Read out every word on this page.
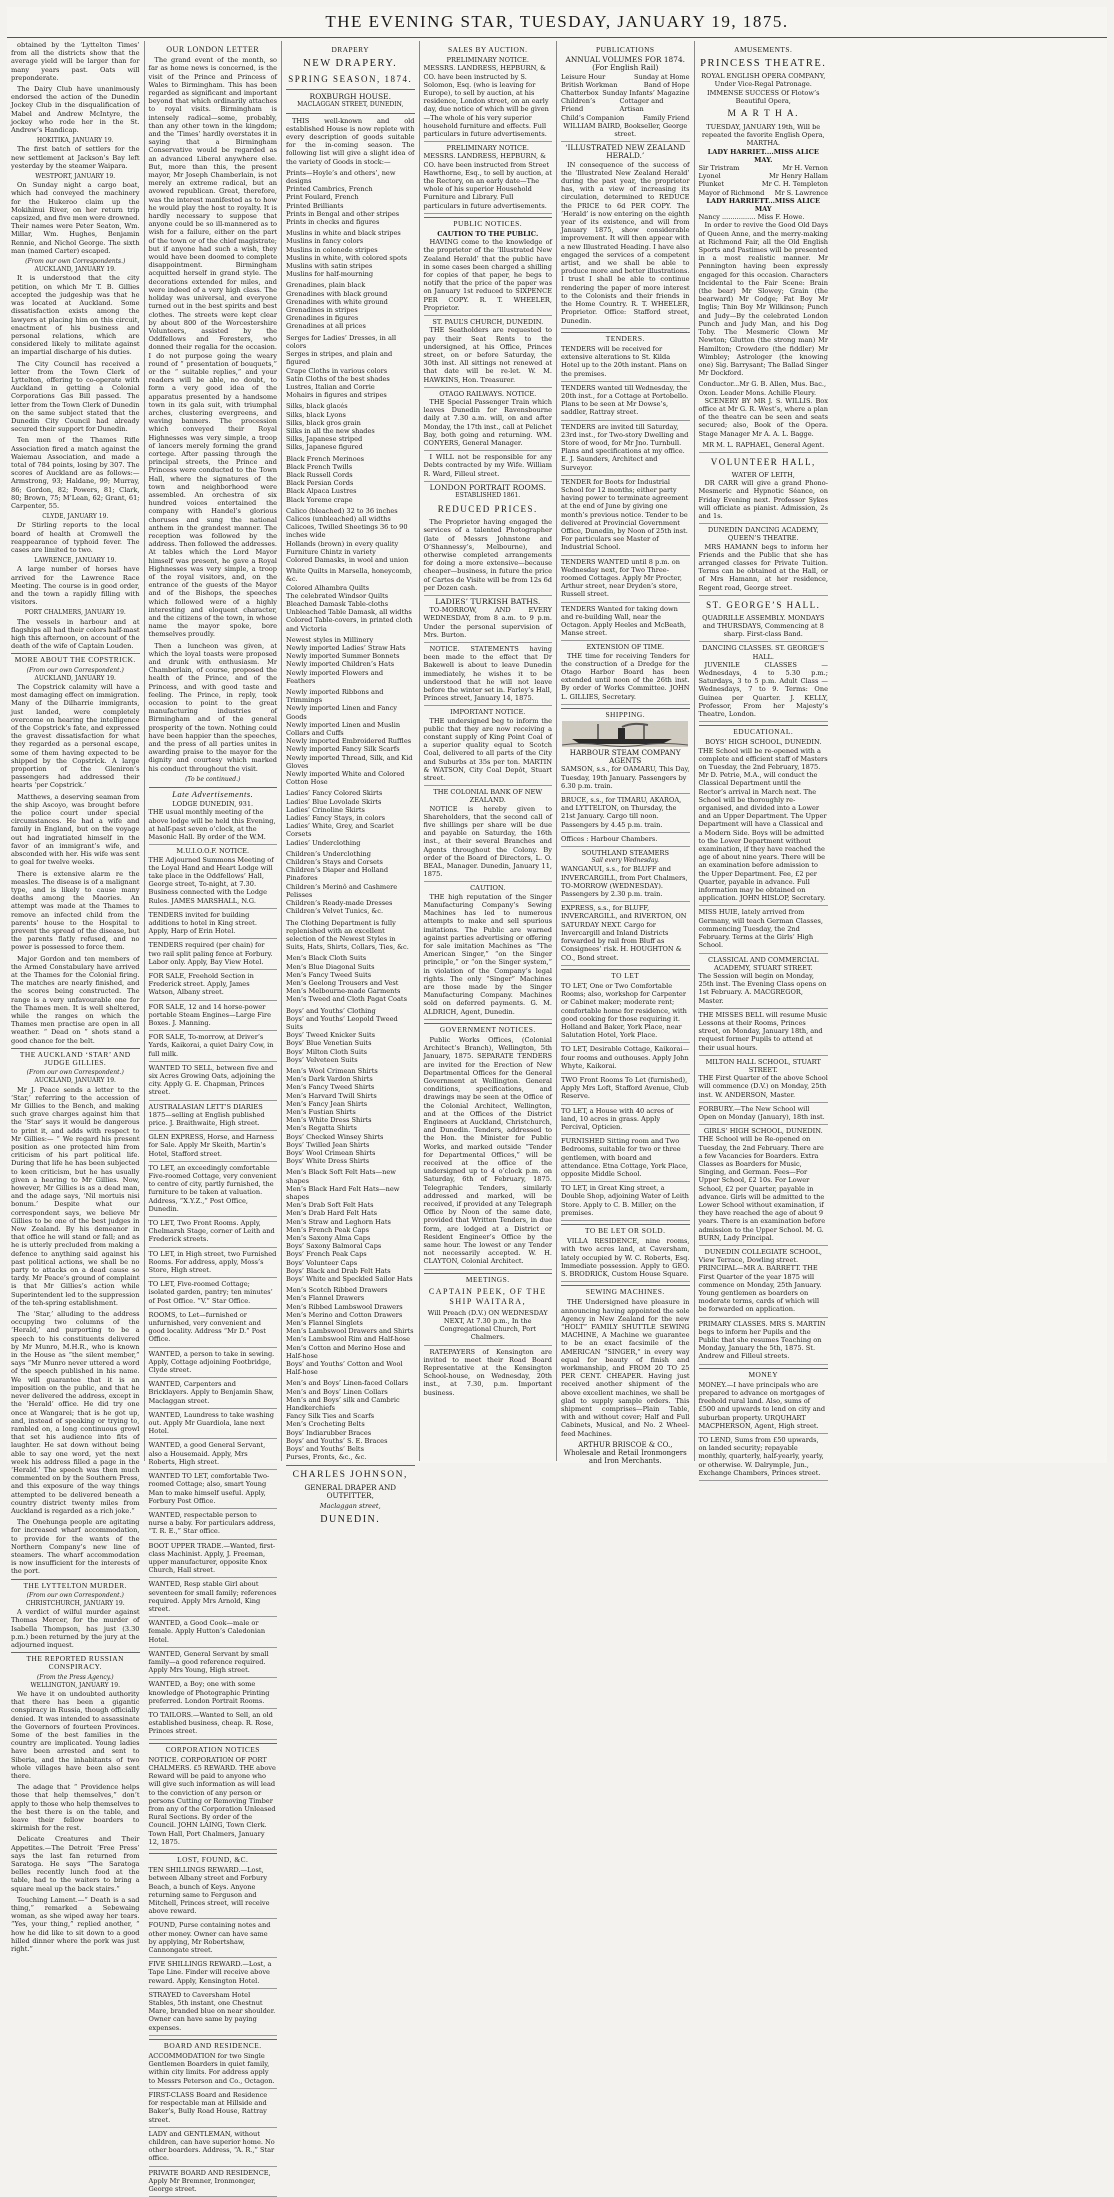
THE EVENING STAR, TUESDAY, JANUARY 19, 1875.

obtained by the ‘Lyttelton Times’ from all the districts show that the average yield will be larger than for many years past. Oats will preponderate.

The Dairy Club have unanimously endorsed the action of the Dunedin Jockey Club in the disqualification of Mabel and Andrew McIntyre, the jockey who rode her in the St. Andrew’s Handicap.

HOKITIKA, JANUARY 19.

The first batch of settlers for the new settlement at Jackson’s Bay left yesterday by the steamer Waipara.

WESTPORT, JANUARY 19.

On Sunday night a cargo boat, which had conveyed the machinery for the Hukeroo claim up the Mokihinui River, on her return trip capsized, and five men were drowned. Their names were Peter Seaton, Wm. Millar, Wm. Hughes, Benjamin Rennie, and Nichol George. The sixth man (named Carter) escaped.

(From our own Correspondents.)
AUCKLAND, JANUARY 19.

It is understood that the city petition, on which Mr T. B. Gillies accepted the judgeship was that he was located at Auckland. Some dissatisfaction exists among the lawyers at placing him on this circuit, enactment of his business and personal relations, which are considered likely to militate against an impartial discharge of his duties.

The City Council has received a letter from the Town Clerk of Lyttelton, offering to co-operate with Auckland in getting a Colonial Corporations Gas Bill passed. The letter from the Town Clerk of Dunedin on the same subject stated that the Dunedin City Council had already secured their support for Dunedin.

Ten men of the Thames Rifle Association fired a match against the Waiemau Association, and made a total of 784 points, losing by 307. The scores of Auckland are as follows:—Armstrong, 93; Haldane, 99; Murray, 86; Gordon, 82; Powers, 81; Clark, 80; Brown, 75; M’Lean, 62; Grant, 61; Carpenter, 55.

CLYDE, JANUARY 19.

Dr Stirling reports to the local board of health at Cromwell the reappearance of typhoid fever. The cases are limited to two.

LAWRENCE, JANUARY 19.

A large number of horses have arrived for the Lawrence Race Meeting. The course is in good order, and the town a rapidly filling with visitors.

PORT CHALMERS, JANUARY 19.

The vessels in harbour and at flagships all had their colors half-mast high this afternoon, on account of the death of the wife of Captain Louden.

MORE ABOUT THE COPSTRICK.
(From our own Correspondent.)
AUCKLAND, JANUARY 19.

The Copstrick calamity will have a most damaging effect on immigration. Many of the Dilharrie immigrants, just landed, were completely overcome on hearing the intelligence of the Copstrick’s fate, and expressed the gravest dissatisfaction for what they regarded as a personal escape, some of them having expected to be shipped by the Copstrick. A large proportion of the Gleniron’s passengers had addressed their hearts ‘per Copstrick.’

Matthews, a deserving seaman from the ship Ascoyo, was brought before the police court under special circumstances. He had a wife and family in England, but on the voyage out had ingratiated himself in the favor of an immigrant’s wife, and absconded with her. His wife was sent to goal for twelve weeks.

There is extensive alarm re the measles. The disease is of a malignant type, and is likely to cause many deaths among the Maories. An attempt was made at the Thames to remove an infected child from the parents’ house to the Hospital to prevent the spread of the disease, but the parents flatly refused, and no power is possessed to force them.

Major Gordon and ten members of the Armed Constabulary have arrived at the Thames for the Colonial firing. The matches are nearly finished, and the scores being constructed. The range is a very unfavourable one for the Thames men. It is well sheltered, while the ranges on which the Thames men practise are open in all weather. “ Dead on ” shots stand a good chance for the belt.

THE AUCKLAND ‘STAR’ AND JUDGE GILLIES.
(From our own Correspondent.)
AUCKLAND, JANUARY 19.

Mr J. Peace sends a letter to the ‘Star,’ referring to the accession of Mr Gillies to the Bench, and making such grave charges against him that the ‘Star’ says it would be dangerous to print it, and adds with respect to Mr Gillies:— “ We regard his present position as one protected him from criticism of his part political life. During that life he has been subjected to keen criticism, but he has usually given a hearing to Mr Gillies. Now, however, Mr Gillies is as a dead man, and the adage says, ‘Nil mortuis nisi bonum.’ Despite what our correspondent says, we believe Mr Gillies to be one of the best judges in New Zealand. By his demeanor in that office he will stand or fall; and as he is utterly precluded from making a defence to anything said against his past political actions, we shall be no party to attacks on a dead cause so tardy. Mr Peace’s ground of complaint is that Mr Gillies’s action while Superintendent led to the suppression of the teh-spring establishment.

The ‘Star,’ alluding to the address occupying two columns of the ‘Herald,’ and purporting to be a speech to his constituents delivered by Mr Munro, M.H.R., who is known in the House as “the silent member,” says “Mr Munro never uttered a word of the speech published in his name. We will guarantee that it is an imposition on the public, and that he never delivered the address, except in the ‘Herald’ office. He did try one once at Wangarei; that is he got up, and, instead of speaking or trying to, rambled on, a long continuous growl that set his audience into fits of laughter. He sat down without being able to say one word, yet the next week his address filled a page in the ‘Herald.’ The speech was then much commented on by the Southern Press, and this exposure of the way things attempted to be delivered beneath a country district twenty miles from Auckland is regarded as a rich joke.”

The Onehunga people are agitating for increased wharf accommodation, to provide for the wants of the Northern Company’s new line of steamers. The wharf accommodation is now insufficient for the interests of the port.

THE LYTTELTON MURDER.
(From our own Correspondent.)
CHRISTCHURCH, JANUARY 19.

A verdict of wilful murder against Thomas Mercer, for the murder of Isabella Thompson, has just (3.30 p.m.) been returned by the jury at the adjourned inquest.

THE REPORTED RUSSIAN CONSPIRACY.
(From the Press Agency.)
WELLINGTON, JANUARY 19.

We have it on undoubted authority that there has been a gigantic conspiracy in Russia, though officially denied. It was intended to assassinate the Governors of fourteen Provinces. Some of the best families in the country are implicated. Young ladies have been arrested and sent to Siberia, and the inhabitants of two whole villages have been also sent there.

The adage that “ Providence helps those that help themselves,” don’t apply to those who help themselves to the best there is on the table, and leave their fellow boarders to skirmish for the rest.

Delicate Creatures and Their Appetites.—The Detroit ‘Free Press’ says the last fan returned from Saratoga. He says “The Saratoga belles recently lunch food at the table, had to the waiters to bring a square meal up the back stairs.”

Touching Lament.—“ Death is a sad thing,” remarked a Sebewaing woman, as she wiped away her tears. “Yes, your thing,” replied another, “ how he did like to sit down to a good hilled dinner where the pork was just right.”

OUR LONDON LETTER

The grand event of the month, so far as home news is concerned, is the visit of the Prince and Princess of Wales to Birmingham. This has been regarded as significant and important beyond that which ordinarily attaches to royal visits. Birmingham is intensely radical—some, probably, than any other town in the kingdom; and the ‘Times’ hardly overstates it in saying that a Birmingham Conservative would be regarded as an advanced Liberal anywhere else. But, more than this, the present mayor, Mr Joseph Chamberlain, is not merely an extreme radical, but an avowed republican. Great, therefore, was the interest manifested as to how he would play the host to royalty. It is hardly necessary to suppose that anyone could be so ill-mannered as to wish for a failure, either on the part of the town or of the chief magistrate; but if anyone had such a wish, they would have been doomed to complete disappointment. Birmingham acquitted herself in grand style. The decorations extended for miles, and were indeed of a very high class. The holiday was universal, and everyone turned out in the best spirits and best clothes. The streets were kept clear by about 800 of the Worcestershire Volunteers, assisted by the Oddfellows and Foresters, who donned their regalia for the occasion. I do not purpose going the weary round of “ presentation of bouquets,” or the “ suitable replies,” and your readers will be able, no doubt, to form a very good idea of the apparatus presented by a handsome town in its gala suit, with triumphal arches, clustering evergreens, and waving banners. The procession which conveyed their Royal Highnesses was very simple, a troop of lancers merely forming the grand cortege. After passing through the principal streets, the Prince and Princess were conducted to the Town Hall, where the signatures of the town and neighborhood were assembled. An orchestra of six hundred voices entertained the company with Handel’s glorious choruses and sung the national anthem in the grandest manner. The reception was followed by the address. Then followed the addresses. At tables which the Lord Mayor himself was present, he gave a Royal Highnesses was very simple, a troop of the royal visitors, and, on the entrance of the guests of the Mayor and of the Bishops, the speeches which followed were of a highly interesting and eloquent character, and the citizens of the town, in whose name the mayor spoke, bore themselves proudly.

Then a luncheon was given, at which the loyal toasts were proposed and drunk with enthusiasm. Mr Chamberlain, of course, proposed the health of the Prince, and of the Princess, and with good taste and feeling. The Prince, in reply, took occasion to point to the great manufacturing industries of Birmingham and of the general prosperity of the town. Nothing could have been happier than the speeches, and the press of all parties unites in awarding praise to the mayor for the dignity and courtesy which marked his conduct throughout the visit.

(To be continued.)
Late Advertisements.
LODGE DUNEDIN, 931.
THE usual monthly meeting of the above lodge will be held this Evening, at half-past seven o’clock, at the Masonic Hall. By order of the W.M.
M.U.I.O.O.F. NOTICE.
THE Adjourned Summons Meeting of the Loyal Hand and Heart Lodge will take place in the Oddfellows’ Hall, George street, To-night, at 7.30. Business connected with the Lodge Rules. JAMES MARSHALL, N.G.
TENDERS invited for building additions to hotel in King street. Apply, Harp of Erin Hotel.
TENDERS required (per chain) for two rail split paling fence at Forbury. Labor only. Apply, Bay View Hotel.
FOR SALE, Freehold Section in Frederick street. Apply, James Watson, Albany street.
FOR SALE, 12 and 14 horse-power portable Steam Engines—Large Fire Boxes. J. Manning.
FOR SALE, To-morrow, at Driver’s Yards, Kaikorai, a quiet Dairy Cow, in full milk.
WANTED TO SELL, between five and six Acres Growing Oats, adjoining the city. Apply G. E. Chapman, Princes street.
AUSTRALASIAN LETT’S DIARIES 1875—selling at English published price. J. Braithwaite, High street.
GLEN EXPRESS, Horse, and Harness for Sale. Apply Mr Skeith, Martin’s Hotel, Stafford street.
TO LET, an exceedingly comfortable Five-roomed Cottage, very convenient to centre of city, partly furnished, the furniture to be taken at valuation. Address, “X.Y.Z.,” Post Office, Dunedin.
TO LET, Two Front Rooms. Apply, Chelmarsh Stage, corner of Leith and Frederick streets.
TO LET, in High street, two Furnished Rooms. For address, apply, Moss’s Store, High street.
TO LET, Five-roomed Cottage; isolated garden, pantry; ten minutes’ of Post Office. “V.” Star Office.
ROOMS, to Let—furnished or unfurnished, very convenient and good locality. Address “Mr D.” Post Office.
WANTED, a person to take in sewing. Apply, Cottage adjoining Footbridge, Clyde street.
WANTED, Carpenters and Bricklayers. Apply to Benjamin Shaw, Maclaggan street.
WANTED, Laundress to take washing out. Apply Mr Guardiola, lane next Hotel.
WANTED, a good General Servant, also a Housemaid. Apply, Mrs Roberts, High street.
WANTED TO LET, comfortable Two-roomed Cottage; also, smart Young Man to make himself useful. Apply, Forbury Post Office.
WANTED, respectable person to nurse a baby. For particulars address, “T. R. E.,” Star office.
BOOT UPPER TRADE.—Wanted, first-class Machinist. Apply, J. Freeman, upper manufacturer, opposite Knox Church, Hall street.
WANTED, Resp stable Girl about seventeen for small family; references required. Apply Mrs Arnold, King street.
WANTED, a Good Cook—male or female. Apply Hutton’s Caledonian Hotel.
WANTED, General Servant by small family—a good reference required. Apply Mrs Young, High street.
WANTED, a Boy; one with some knowledge of Photographic Printing preferred. London Portrait Rooms.
TO TAILORS.—Wanted to Sell, an old established business, cheap. R. Rose, Princes street.
CORPORATION NOTICES
NOTICE. CORPORATION OF PORT CHALMERS. £5 REWARD. THE above Reward will be paid to anyone who will give such information as will lead to the conviction of any person or persons Cutting or Removing Timber from any of the Corporation Unleased Rural Sections. By order of the Council. JOHN LAING, Town Clerk. Town Hall, Port Chalmers, January 12, 1875.
LOST, FOUND, &C.
TEN SHILLINGS REWARD.—Lost, between Albany street and Forbury Beach, a bunch of Keys. Anyone returning same to Ferguson and Mitchell, Princes street, will receive above reward.
FOUND, Purse containing notes and other money. Owner can have same by applying, Mr Robertshaw, Cannongate street.
FIVE SHILLINGS REWARD.—Lost, a Tape Line. Finder will receive above reward. Apply, Kensington Hotel.
STRAYED to Caversham Hotel Stables, 5th instant, one Chestnut Mare, branded blue on near shoulder. Owner can have same by paying expenses.
BOARD AND RESIDENCE.
ACCOMMODATION for two Single Gentlemen Boarders in quiet family, within city limits. For address apply to Messrs Peterson and Co., Octagon.
FIRST-CLASS Board and Residence for respectable man at Hillside and Baker’s, Bully Road House, Rattray street.
LADY and GENTLEMAN, without children, can have superior home. No other boarders. Address, “A. R.,” Star office.
PRIVATE BOARD AND RESIDENCE, Apply Mr Bremner, Ironmonger, George street.
DRAPERY
NEW DRAPERY.
SPRING SEASON, 1874.
ROXBURGH HOUSE.
MACLAGGAN STREET, DUNEDIN,

THIS well-known and old established House is now replete with every description of goods suitable for the in-coming season. The following list will give a slight idea of the variety of Goods in stock:—

Prints—Hoyle’s and others’, new designs
Printed Cambrics, French
Print Foulard, French
Printed Brilliants
Prints in Bengal and other stripes
Prints in checks and figures
Muslins in white and black stripes
Muslins in fancy colors
Muslins in colonede stripes
Muslins in white, with colored spots
Muslins with satin stripes
Muslins for half-mourning
Grenadines, plain black
Grenadines with black ground
Grenadines with white ground
Grenadines in stripes
Grenadines in figures
Grenadines at all prices
Serges for Ladies’ Dresses, in all colors
Serges in stripes, and plain and figured
Crape Cloths in various colors
Satin Cloths of the best shades
Lustres, Italian and Corrie
Mohairs in figures and stripes
Silks, black glacés
Silks, black Lyons
Silks, black gros grain
Silks in all the new shades
Silks, Japanese striped
Silks, Japanese figured
Black French Merinoes
Black French Twills
Black Russell Cords
Black Persian Cords
Black Alpaca Lustres
Black Yoreme crape
Calico (bleached) 32 to 36 inches
Calicos (unbleached) all widths
Calicoes, Twilled Sheetings 36 to 90 inches wide
Hollands (brown) in every quality
Furniture Chintz in variety
Colored Damasks, in wool and union
White Quilts in Marsella, honeycomb, &c.
Colored Alhambra Quilts
The celebrated Windsor Quilts
Bleached Damask Table-cloths
Unbleached Table Damask, all widths
Colored Table-covers, in printed cloth and Victoria
Newest styles in Millinery
Newly imported Ladies’ Straw Hats
Newly imported Summer Bonnets
Newly imported Children’s Hats
Newly imported Flowers and Feathers
Newly imported Ribbons and Trimmings
Newly imported Linen and Fancy Goods
Newly imported Linen and Muslin Collars and Cuffs
Newly imported Embroidered Ruffles
Newly imported Fancy Silk Scarfs
Newly imported Thread, Silk, and Kid Gloves
Newly imported White and Colored Cotton Hose
Ladies’ Fancy Colored Skirts
Ladies’ Blue Lovolade Skirts
Ladies’ Crinoline Skirts
Ladies’ Fancy Stays, in colors
Ladies’ White, Grey, and Scarlet Corsets
Ladies’ Underclothing
Children’s Underclothing
Children’s Stays and Corsets
Children’s Diaper and Holland Pinafores
Children’s Merinô and Cashmere Pelisses
Children’s Ready-made Dresses
Children’s Velvet Tunics, &c.
The Clothing Department is fully replenished with an excellent selection of the Newest Styles in Suits, Hats, Shirts, Collars, Ties, &c.
Men’s Black Cloth Suits
Men’s Blue Diagonal Suits
Men’s Fancy Tweed Suits
Men’s Geelong Trousers and Vest
Men’s Melbourne-made Garments
Men’s Tweed and Cloth Pagat Coats
Boys’ and Youths’ Clothing
Boys’ and Youths’ Leopold Tweed Suits
Boys’ Tweed Knicker Suits
Boys’ Blue Venetian Suits
Boys’ Milton Cloth Suits
Boys’ Velveteen Suits
Men’s Wool Crimean Shirts
Men’s Dark Vardon Shirts
Men’s Fancy Tweed Shirts
Men’s Harvard Twill Shirts
Men’s Fancy Jean Shirts
Men’s Fustian Shirts
Men’s White Dress Shirts
Men’s Regatta Shirts
Boys’ Checked Winsey Shirts
Boys’ Twilled Jean Shirts
Boys’ Wool Crimean Shirts
Boys’ White Dress Shirts
Men’s Black Soft Felt Hats—new shapes
Men’s Black Hard Felt Hats—new shapes
Men’s Drab Soft Felt Hats
Men’s Drab Hard Felt Hats
Men’s Straw and Leghorn Hats
Men’s French Peak Caps
Men’s Saxony Alma Caps
Boys’ Saxony Balmoral Caps
Boys’ French Peak Caps
Boys’ Volunteer Caps
Boys’ Black and Drab Felt Hats
Boys’ White and Speckled Sailor Hats
Men’s Scotch Ribbed Drawers
Men’s Flannel Drawers
Men’s Ribbed Lambswool Drawers
Men’s Merino and Cotton Drawers
Men’s Flannel Singlets
Men’s Lambswool Drawers and Shirts
Men’s Lambswool Rim and Half-hose
Men’s Cotton and Merino Hose and Half-hose
Boys’ and Youths’ Cotton and Wool Half-hose
Men’s and Boys’ Linen-faced Collars
Men’s and Boys’ Linen Collars
Men’s and Boys’ silk and Cambric Handkerchiefs
Fancy Silk Ties and Scarfs
Men’s Crocheting Belts
Boys’ Indiarubber Braces
Boys’ and Youths’ S. E. Braces
Boys’ and Youths’ Belts
Purses, Fronts, &c., &c.
CHARLES JOHNSON,
GENERAL DRAPER AND OUTFITTER,
Maclaggan street,
DUNEDIN.
SALES BY AUCTION.
PRELIMINARY NOTICE.
MESSRS. LANDRESS, HEPBURN, & CO. have been instructed by S. Solomon, Esq. (who is leaving for Europe), to sell by auction, at his residence, London street, on an early day, due notice of which will be given—The whole of his very superior household furniture and effects. Full particulars in future advertisements.
PRELIMINARY NOTICE.
MESSRS. LANDRESS, HEPBURN, & CO. have been instructed from Street Hawthorne, Esq., to sell by auction, at the Rectory, on an early date—The whole of his superior Household Furniture and Library. Full particulars in future advertisements.
PUBLIC NOTICES.
CAUTION TO THE PUBLIC.

HAVING come to the knowledge of the proprietor of the ‘Illustrated New Zealand Herald’ that the public have in some cases been charged a shilling for copies of that paper, he begs to notify that the price of the paper was on January 1st reduced to SIXPENCE PER COPY. R. T. WHEELER, Proprietor.

ST. PAUL’S CHURCH, DUNEDIN.

THE Seatholders are requested to pay their Seat Rents to the undersigned, at his Office, Princes street, on or before Saturday, the 30th inst. All sittings not renewed at that date will be re-let. W. M. HAWKINS, Hon. Treasurer.

OTAGO RAILWAYS. NOTICE.

THE Special Passenger Train which leaves Dunedin for Ravensbourne daily at 7.30 a.m. will, on and after Monday, the 17th inst., call at Pelichet Bay, both going and returning. WM. CONYERS, General Manager.

I WILL not be responsible for any Debts contracted by my Wife. William R. Ward, Filleul street.

LONDON PORTRAIT ROOMS.
ESTABLISHED 1861.
REDUCED PRICES.

The Proprietor having engaged the services of a talented Photographer (late of Messrs Johnstone and O’Shannessy’s, Melbourne), and otherwise completed arrangements for doing a more extensive—because cheaper—business, in future the price of Cartes de Visite will be from 12s 6d per Dozen cash.

LADIES’ TURKISH BATHS.

TO-MORROW, AND EVERY WEDNESDAY, from 8 a.m. to 9 p.m. Under the personal supervision of Mrs. Burton.

NOTICE. STATEMENTS having been made to the effect that Dr Bakewell is about to leave Dunedin immediately, he wishes it to be understood that he will not leave before the winter set in. Farley’s Hall, Princes street, January 14, 1875.

IMPORTANT NOTICE.

THE undersigned beg to inform the public that they are now receiving a constant supply of King Point Coal of a superior quality equal to Scotch Coal, delivered to all parts of the City and Suburbs at 35s per ton. MARTIN & WATSON, City Coal Depôt, Stuart street.

THE COLONIAL BANK OF NEW ZEALAND.

NOTICE is hereby given to Shareholders, that the second call of five shillings per share will be due and payable on Saturday, the 16th inst., at their several Branches and Agents throughout the Colony. By order of the Board of Directors, L. O. BEAL, Manager. Dunedin, January 11, 1875.

CAUTION.

THE high reputation of the Singer Manufacturing Company’s Sewing Machines has led to numerous attempts to make and sell spurious imitations. The Public are warned against parties advertising or offering for sale imitation Machines as “The American Singer,” “on the Singer principle,” or “on the Singer system,” in violation of the Company’s legal rights. The only “Singer” Machines are those made by the Singer Manufacturing Company. Machines sold on deferred payments. G. M. ALDRICH, Agent, Dunedin.

GOVERNMENT NOTICES.

Public Works Offices, (Colonial Architect’s Branch), Wellington, 5th January, 1875. SEPARATE TENDERS are invited for the Erection of New Departmental Offices for the General Government at Wellington. General conditions, specifications, and drawings may be seen at the Office of the Colonial Architect, Wellington, and at the Offices of the District Engineers at Auckland, Christchurch, and Dunedin. Tenders, addressed to the Hon. the Minister for Public Works, and marked outside “Tender for Departmental Offices,” will be received at the office of the undersigned up to 4 o’clock p.m. on Saturday, 6th of February, 1875. Telegraphic Tenders, similarly addressed and marked, will be received, if provided at any Telegraph Office by Noon of the same date, provided that Written Tenders, in due form, are lodged at a District or Resident Engineer’s Office by the same hour. The lowest or any Tender not necessarily accepted. W. H. CLAYTON, Colonial Architect.

MEETINGS.
CAPTAIN PEEK, OF THE SHIP WAITARA,
Will Preach (D.V.) ON WEDNESDAY NEXT, At 7.30 p.m., In the Congregational Church, Port Chalmers.

RATEPAYERS of Kensington are invited to meet their Road Board Representative at the Kensington School-house, on Wednesday, 20th inst., at 7.30, p.m. Important business.

PUBLICATIONS
ANNUAL VOLUMES FOR 1874. (For English Rail)
Leisure Hour	Sunday at Home
British Workman	Band of Hope
Chatterbox Sunday Infants’ Magazine
Children’s Friend
Cottager and Artisan
Child’s Companion	Family Friend
WILLIAM BAIRD, Bookseller, George street.
‘ILLUSTRATED NEW ZEALAND HERALD.’

IN consequence of the success of the ‘Illustrated New Zealand Herald’ during the past year, the proprietor has, with a view of increasing its circulation, determined to REDUCE the PRICE to 6d PER COPY. The ‘Herald’ is now entering on the eighth year of its existence, and will from January 1875, show considerable improvement. It will then appear with a new Illustrated Heading. I have also engaged the services of a competent artist, and we shall be able to produce more and better illustrations. I trust I shall be able to continue rendering the paper of more interest to the Colonists and their friends in the Home Country. R. T. WHEELER, Proprietor. Office: Stafford street, Dunedin.

TENDERS.
TENDERS will be received for extensive alterations to St. Kilda Hotel up to the 20th instant. Plans on the premises.
TENDERS wanted till Wednesday, the 20th inst., for a Cottage at Portobello. Plans to be seen at Mr Dowse’s, saddler, Rattray street.
TENDERS are invited till Saturday, 23rd inst., for Two-story Dwelling and Store of wood, for Mr Jno. Turnbull. Plans and specifications at my office. E. J. Saunders, Architect and Surveyor.
TENDER for Boots for Industrial School for 12 months; either party having power to terminate agreement at the end of June by giving one month’s previous notice. Tender to be delivered at Provincial Government Office, Dunedin, by Noon of 25th inst. For particulars see Master of Industrial School.
TENDERS WANTED until 8 p.m. on Wednesday next, for Two Three-roomed Cottages. Apply Mr Procter, Arthur street, near Dryden’s store, Russell street.
TENDERS Wanted for taking down and re-building Wall, near the Octagon. Apply Heeles and McBeath, Manse street.
EXTENSION OF TIME.

THE time for receiving Tenders for the construction of a Dredge for the Otago Harbor Board has been extended until noon of the 26th inst. By order of Works Committee. JOHN L. GILLIES, Secretary.

SHIPPING.
HARBOUR STEAM COMPANY AGENTS
SAMSON, s.s., for OAMARU, This Day, Tuesday, 19th January. Passengers by 6.30 p.m. train.
BRUCE, s.s., for TIMARU, AKAROA, and LYTTELTON, on Thursday, the 21st January. Cargo till noon. Passengers by 4.45 p.m. train.
Offices : Harbour Chambers.
SOUTHLAND STEAMERS
Sail every Wednesday.
WANGANUI, s.s., for BLUFF and INVERCARGILL, from Port Chalmers, TO-MORROW (WEDNESDAY). Passengers by 2.30 p.m. train.
EXPRESS, s.s., for BLUFF, INVERCARGILL, and RIVERTON, ON SATURDAY NEXT. Cargo for Invercargill and Inland Districts forwarded by rail from Bluff as Consignees’ risk. H. HOUGHTON & CO., Bond street.
TO LET
TO LET, One or Two Comfortable Rooms; also, workshop for Carpenter or Cabinet maker; moderate rent; comfortable home for residence, with good cooking for those requiring it. Holland and Baker, York Place, near Salutation Hotel, York Place.
TO LET, Desirable Cottage, Kaikorai—four rooms and outhouses. Apply John Whyte, Kaikorai.
TWO Front Rooms To Let (furnished), Apply Mrs Loft, Stafford Avenue, Club Reserve.
TO LET, a House with 40 acres of land, 10 acres in grass. Apply Percival, Opticien.
FURNISHED Sitting room and Two Bedrooms, suitable for two or three gentlemen, with board and attendance. Etna Cottage, York Place, opposite Middle School.
TO LET, in Great King street, a Double Shop, adjoining Water of Leith Store. Apply to C. B. Miller, on the premises.
TO BE LET OR SOLD.

VILLA RESIDENCE, nine rooms, with two acres land, at Caversham, lately occupied by W. C. Roberts, Esq. Immediate possession. Apply to GEO. S. BRODRICK, Custom House Square.

SEWING MACHINES.

THE Undersigned have pleasure in announcing having appointed the sole Agency in New Zealand for the new “HOLT” FAMILY SHUTTLE SEWING MACHINE, A Machine we guarantee to be an exact facsimile of the AMERICAN “SINGER,” in every way equal for beauty of finish and workmanship, and FROM 20 TO 25 PER CENT. CHEAPER. Having just received another shipment of the above excellent machines, we shall be glad to supply sample orders. This shipment comprises—Plain Table, with and without cover; Half and Full Cabinets, Musical, and No. 2 Wheel-feed Machines.

ARTHUR BRISCOE & CO., Wholesale and Retail Ironmongers and Iron Merchants.
AMUSEMENTS.
PRINCESS THEATRE.
ROYAL ENGLISH OPERA COMPANY, Under Vice-Regal Patronage.
IMMENSE SUCCESS Of Flotow’s Beautiful Opera,
M A R T H A.
TUESDAY, JANUARY 19th, Will be repeated the favorite English Opera, MARTHA.
LADY HARRIET....MISS ALICE MAY.
Sir Tristram	Mr H. Vernon
Lyonel	Mr Henry Hallam
Plunket	Mr C. H. Templeton
Mayor of Richmond Mr S. Lawrence
LADY HARRIETT...MISS ALICE MAY
Nancy ................ Miss F. Howe.

In order to revive the Good Old Days of Queen Anne, and the merry-making at Richmond Fair, all the Old English Sports and Pastimes will be presented in a most realistic manner. Mr Pennington having been expressly engaged for this occasion. Characters Incidental to the Fair Scene: Brain (the bear) Mr Slowey; Grain (the bearward) Mr Codge; Fat Boy Mr Inglis; Thin Boy Mr Wilkinson; Punch and Judy—By the celebrated London Punch and Judy Man, and his Dog Toby. The Mesmeric Clown Mr Newton; Glutton (the strong man) Mr Hamilton; Crowdero (the fiddler) Mr Wimbley; Astrologer (the knowing one) Sig. Barrysant; The Ballad Singer Mr Dockford.

Conductor...Mr G. B. Allen, Mus. Bac., Oxon. Leader Mons. Achille Fleury.

SCENERY BY MR J. S. WILLIS. Box office at Mr G. R. West’s, where a plan of the theatre can be seen and seats secured; also, Book of the Opera. Stage Manager Mr A. A. L. Bagge.

MR M. L. RAPHAEL, General Agent.
VOLUNTEER HALL,
WATER OF LEITH,

DR CARR will give a grand Phono-Mesmeric and Hypnotic Séance, on Friday Evening next. Professor Sykes will officiate as pianist. Admission, 2s and 1s.

DUNEDIN DANCING ACADEMY, QUEEN’S THEATRE.

MRS HAMANN begs to inform her Friends and the Public that she has arranged classes for Private Tuition. Terms can be obtained at the Hall, or of Mrs Hamann, at her residence, Regent road, George street.

ST. GEORGE’S HALL.
QUADRILLE ASSEMBLY. MONDAYS and THURSDAYS, Commencing at 8 sharp. First-class Band.
DANCING CLASSES. ST. GEORGE’S HALL.

JUVENILE CLASSES — Wednesdays, 4 to 5.30 p.m.; Saturdays, 3 to 5 p.m. Adult Class — Wednesdays, 7 to 9. Terms: One Guinea per Quarter. J. KELLY, Professor, From her Majesty’s Theatre, London.

EDUCATIONAL.
BOYS’ HIGH SCHOOL, DUNEDIN.
THE School will be re-opened with a complete and efficient staff of Masters on Tuesday, the 2nd February, 1875. Mr D. Petrie, M.A., will conduct the Classical Department until the Rector’s arrival in March next. The School will be thoroughly re-organised, and divided into a Lower and an Upper Department. The Upper Department will have a Classical and a Modern Side. Boys will be admitted to the Lower Department without examination, if they have reached the age of about nine years. There will be an examination before admission to the Upper Department. Fee, £2 per Quarter, payable in advance. Full information may be obtained on application. JOHN HISLOP, Secretary.
MISS HUIE, lately arrived from Germany, will teach German Classes, commencing Tuesday, the 2nd February. Terms at the Girls’ High School.
CLASSICAL AND COMMERCIAL ACADEMY, STUART STREET.
The Session will begin on Monday, 25th inst. The Evening Class opens on 1st February. A. MACGREGOR, Master.
THE MISSES BELL will resume Music Lessons at their Rooms, Princes street, on Monday, January 18th, and request former Pupils to attend at their usual hours.
MILTON HALL SCHOOL, STUART STREET.
THE First Quarter of the above School will commence (D.V.) on Monday, 25th inst. W. ANDERSON, Master.
FORBURY.—The New School will Open on Monday (January), 18th inst.
GIRLS’ HIGH SCHOOL, DUNEDIN.
THE School will be Re-opened on Tuesday, the 2nd February. There are a few Vacancies for Boarders. Extra Classes as Boarders for Music, Singing, and German. Fees—For Upper School, £2 10s. For Lower School, £2 per Quarter, payable in advance. Girls will be admitted to the Lower School without examination, if they have reached the age of about 9 years. There is an examination before admission to the Upper School. M. G. BURN, Lady Principal.
DUNEDIN COLLEGIATE SCHOOL,
View Terrace, Dowling street. PRINCIPAL—MR A. BARRETT. THE First Quarter of the year 1875 will commence on Monday, 25th January. Young gentlemen as boarders on moderate terms, cards of which will be forwarded on application.
PRIMARY CLASSES. MRS S. MARTIN begs to inform her Pupils and the Public that she resumes Teaching on Monday, January the 5th, 1875. St. Andrew and Filleul streets.
MONEY
MONEY.—I have principals who are prepared to advance on mortgages of freehold rural land. Also, sums of £500 and upwards to lend on city and suburban property. URQUHART MACPHERSON, Agent, High street.
TO LEND, Sums from £50 upwards, on landed security; repayable monthly, quarterly, half-yearly, yearly, or otherwise. W. Dalrymple, Jun., Exchange Chambers, Princes street.
